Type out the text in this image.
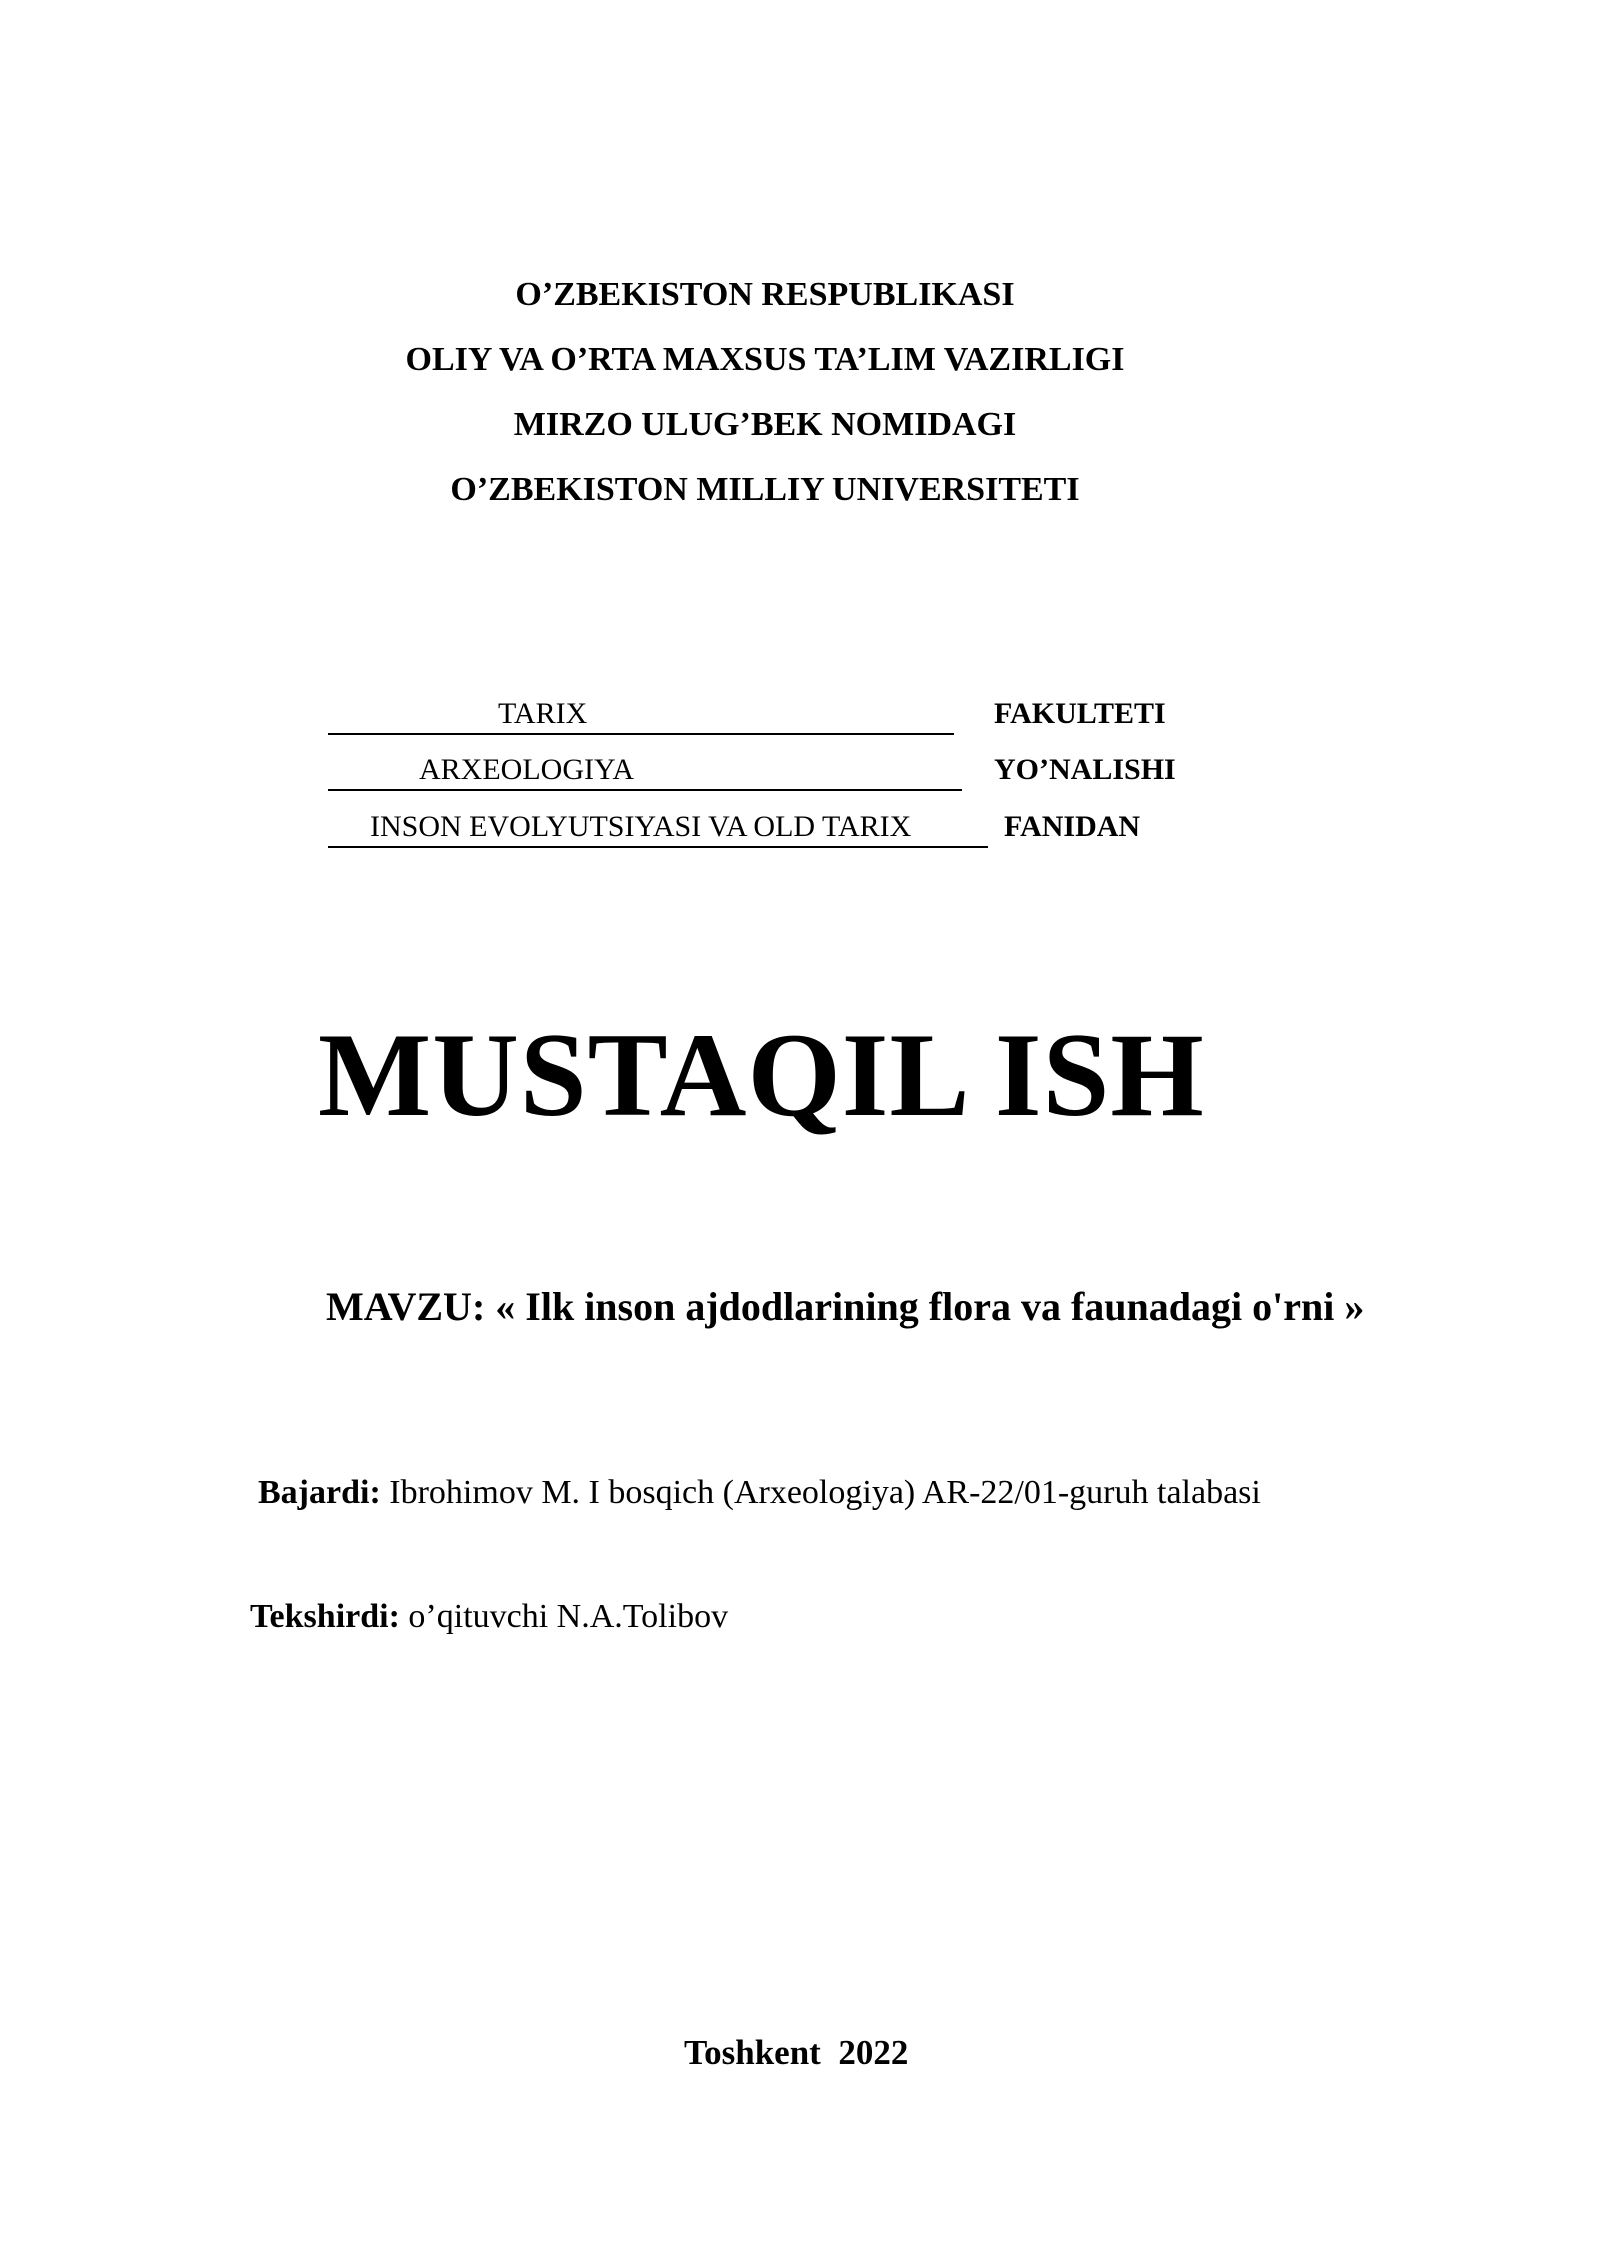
O’ZBEKISTON RESPUBLIKASI
OLIY VA O’RTA MAXSUS TA’LIM VAZIRLIGI
MIRZO ULUG’BEK NOMIDAGI
O’ZBEKISTON MILLIY UNIVERSITETI
TARIX	FAKULTETI
ARXEOLOGIYA	YO’NALISHI
INSON EVOLYUTSIYASI VA OLD TARIX	FANIDAN
MUSTAQIL ISH
MAVZU: « Ilk inson ajdodlarining flora va faunadagi o'rni »
Bajardi: Ibrohimov M. I bosqich (Arxeologiya) AR-22/01-guruh talabasi
Tekshirdi: o’qituvchi N.A.Tolibov
Toshkent  2022
